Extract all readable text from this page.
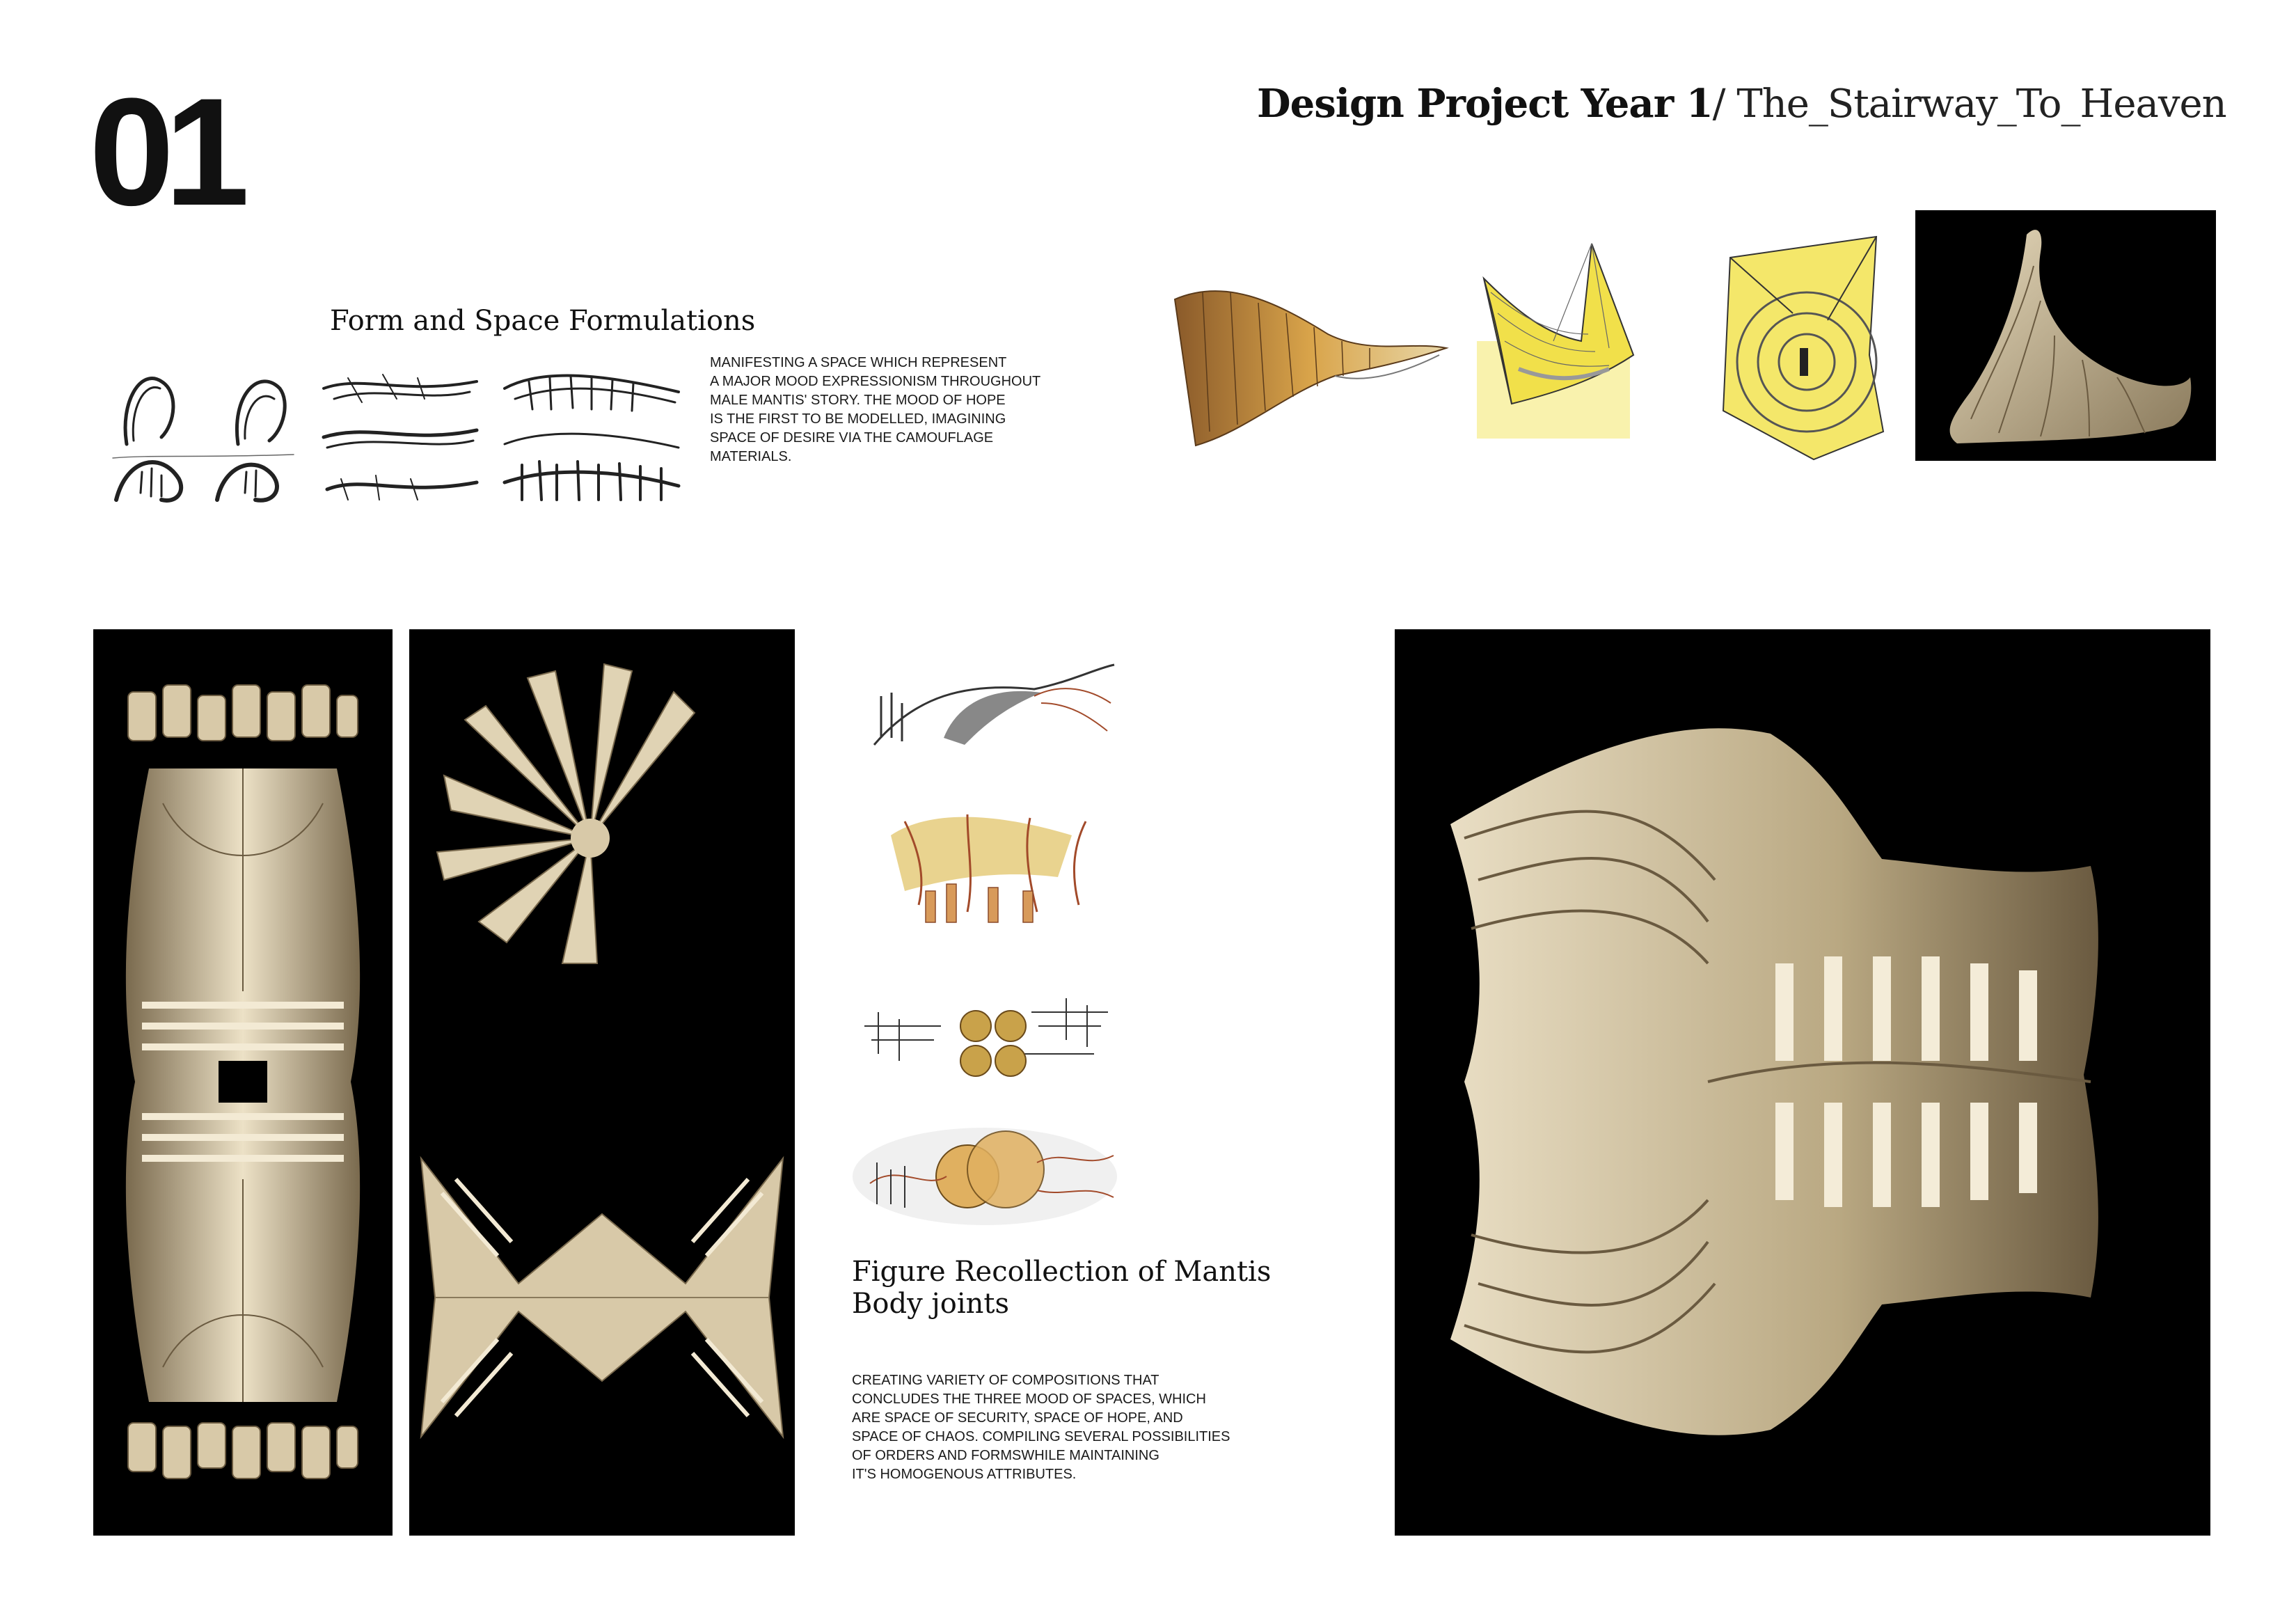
01	Design Project Year 1/ The_Stairway_To_Heaven
Form and Space Formulations
MANIFESTING A SPACE WHICH REPRESENT
A MAJOR MOOD EXPRESSIONISM THROUGHOUT
MALE MANTIS' STORY. THE MOOD OF HOPE
IS THE FIRST TO BE MODELLED, IMAGINING
SPACE OF DESIRE VIA THE CAMOUFLAGE
MATERIALS.
Figure Recollection of Mantis
Body joints
CREATING VARIETY OF COMPOSITIONS THAT
CONCLUDES THE THREE MOOD OF SPACES, WHICH
ARE SPACE OF SECURITY, SPACE OF HOPE, AND
SPACE OF CHAOS. COMPILING SEVERAL POSSIBILITIES
OF ORDERS AND FORMSWHILE MAINTAINING
IT'S HOMOGENOUS ATTRIBUTES.
